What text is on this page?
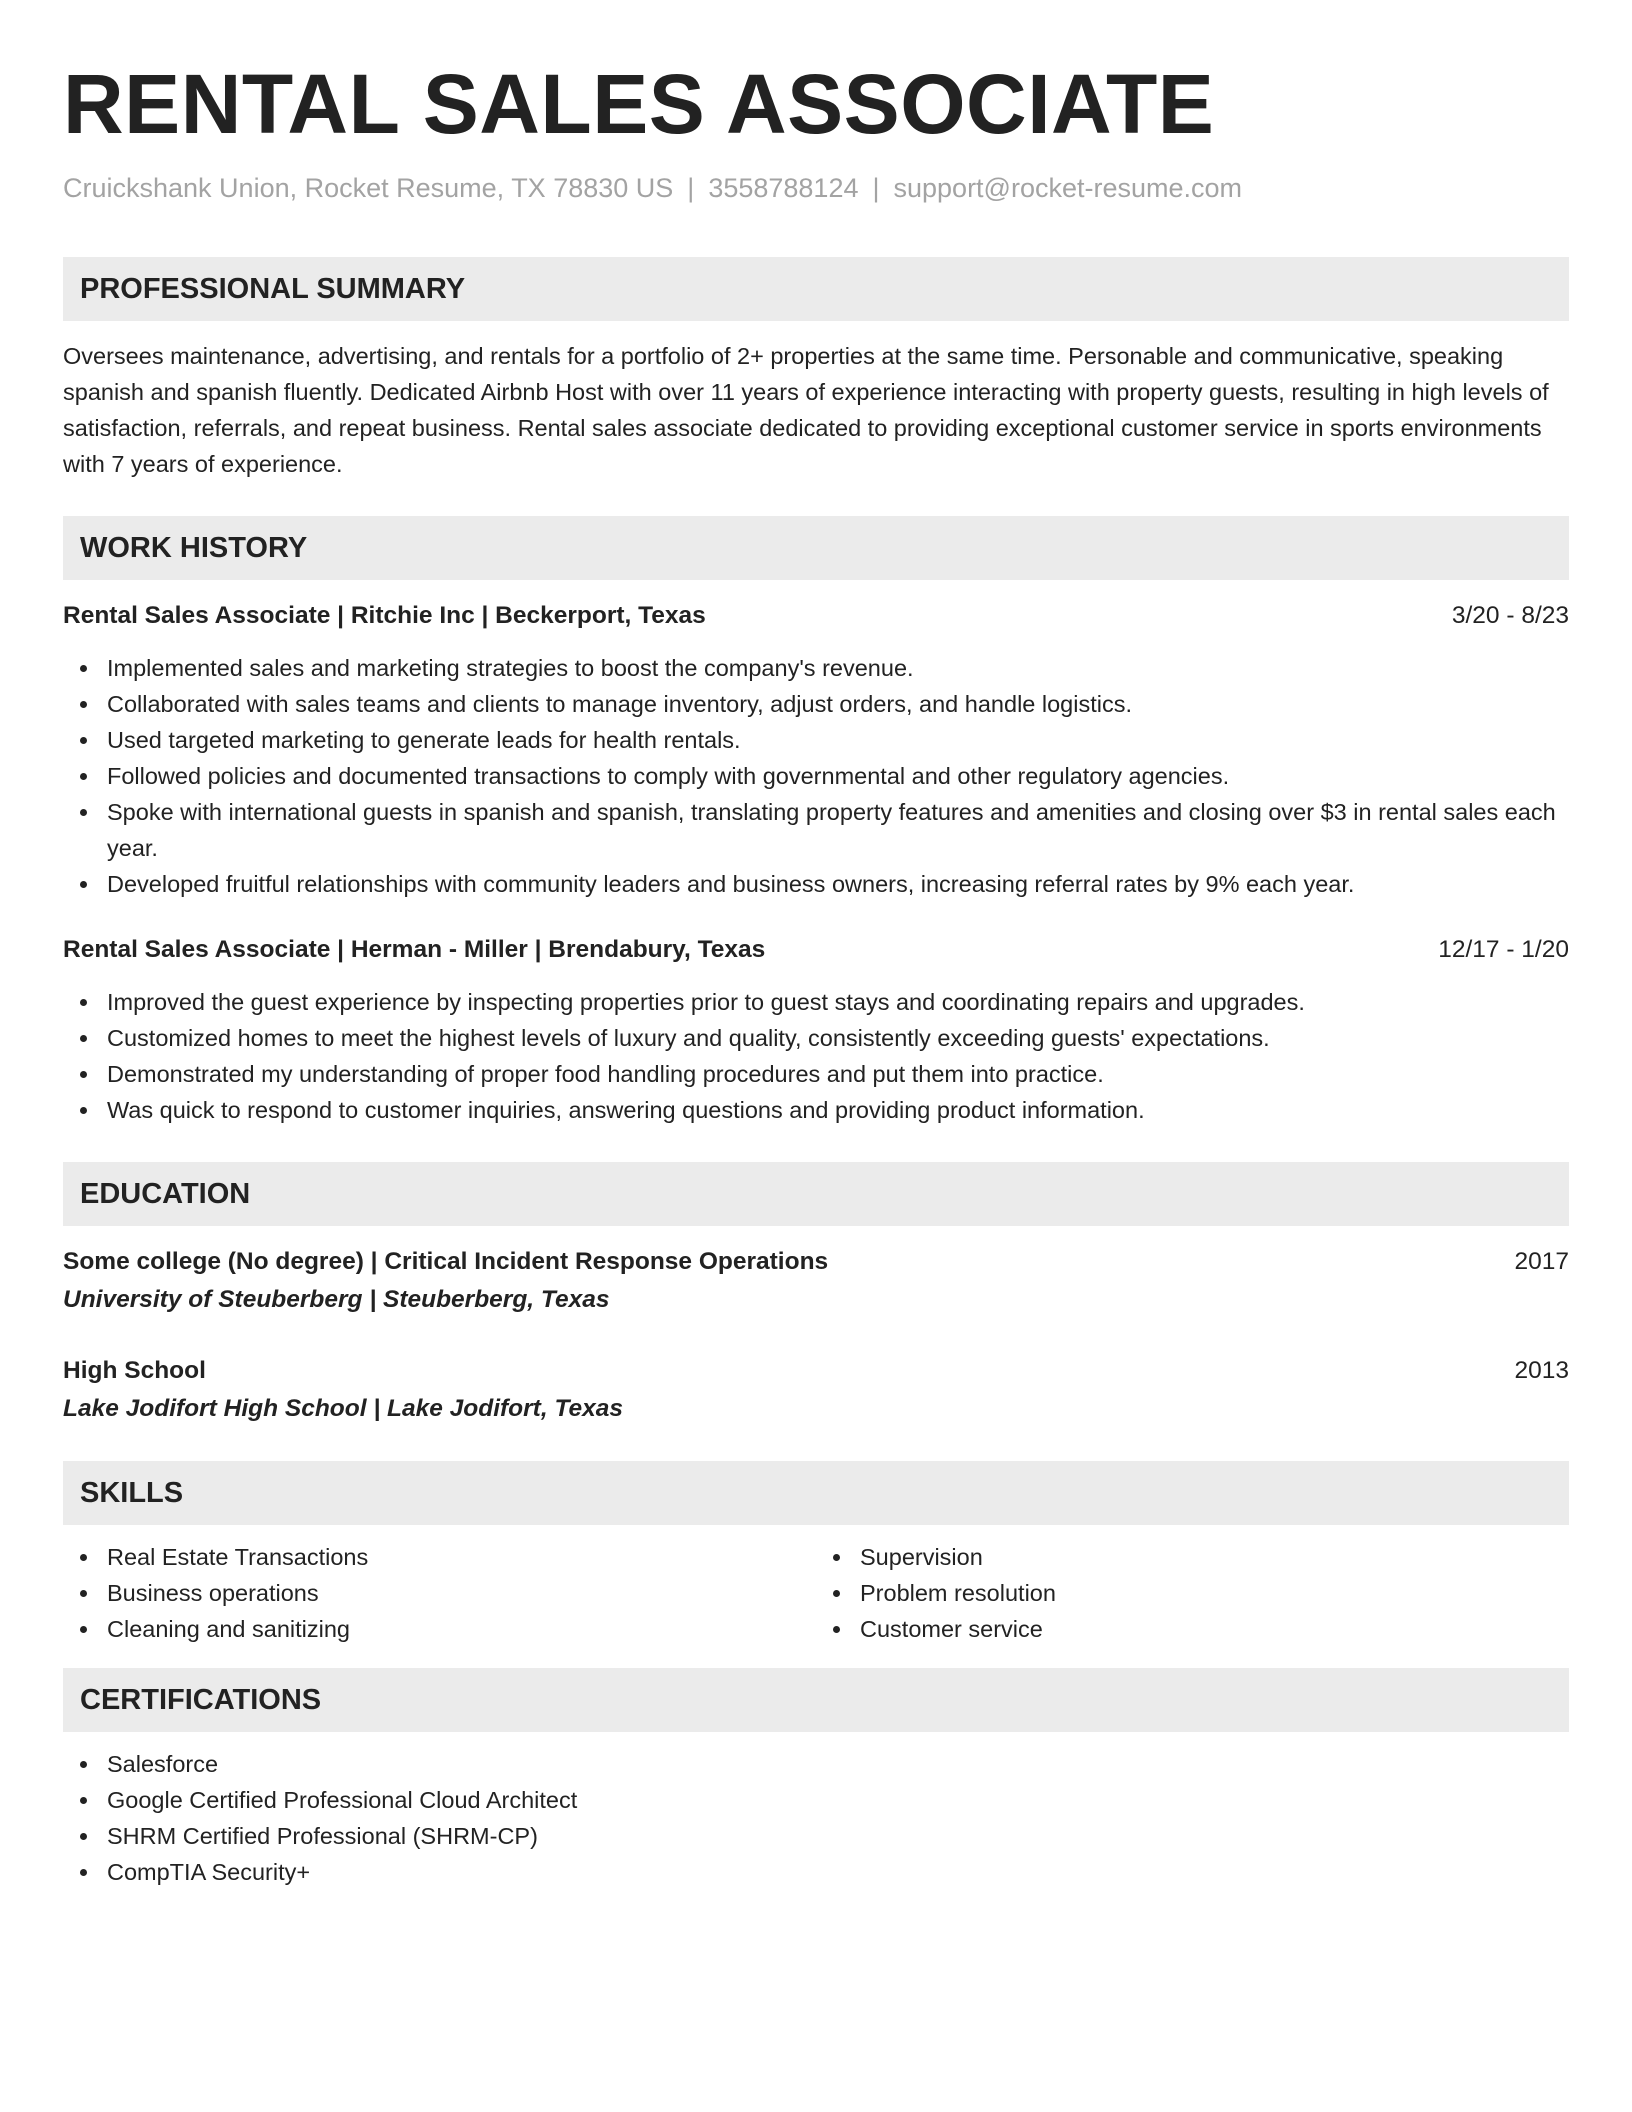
RENTAL SALES ASSOCIATE
Cruickshank Union, Rocket Resume, TX 78830 US | 3558788124 | support@rocket-resume.com
PROFESSIONAL SUMMARY
Oversees maintenance, advertising, and rentals for a portfolio of 2+ properties at the same time. Personable and communicative, speaking spanish and spanish fluently. Dedicated Airbnb Host with over 11 years of experience interacting with property guests, resulting in high levels of satisfaction, referrals, and repeat business. Rental sales associate dedicated to providing exceptional customer service in sports environments with 7 years of experience.
WORK HISTORY
Rental Sales Associate | Ritchie Inc | Beckerport, Texas	3/20 - 8/23
Implemented sales and marketing strategies to boost the company's revenue.
Collaborated with sales teams and clients to manage inventory, adjust orders, and handle logistics.
Used targeted marketing to generate leads for health rentals.
Followed policies and documented transactions to comply with governmental and other regulatory agencies.
Spoke with international guests in spanish and spanish, translating property features and amenities and closing over $3 in rental sales each year.
Developed fruitful relationships with community leaders and business owners, increasing referral rates by 9% each year.
Rental Sales Associate | Herman - Miller | Brendabury, Texas	12/17 - 1/20
Improved the guest experience by inspecting properties prior to guest stays and coordinating repairs and upgrades.
Customized homes to meet the highest levels of luxury and quality, consistently exceeding guests' expectations.
Demonstrated my understanding of proper food handling procedures and put them into practice.
Was quick to respond to customer inquiries, answering questions and providing product information.
EDUCATION
Some college (No degree) | Critical Incident Response Operations	2017
University of Steuberberg | Steuberberg, Texas
High School	2013
Lake Jodifort High School | Lake Jodifort, Texas
SKILLS
Real Estate Transactions
Business operations
Cleaning and sanitizing
Supervision
Problem resolution
Customer service
CERTIFICATIONS
Salesforce
Google Certified Professional Cloud Architect
SHRM Certified Professional (SHRM-CP)
CompTIA Security+
